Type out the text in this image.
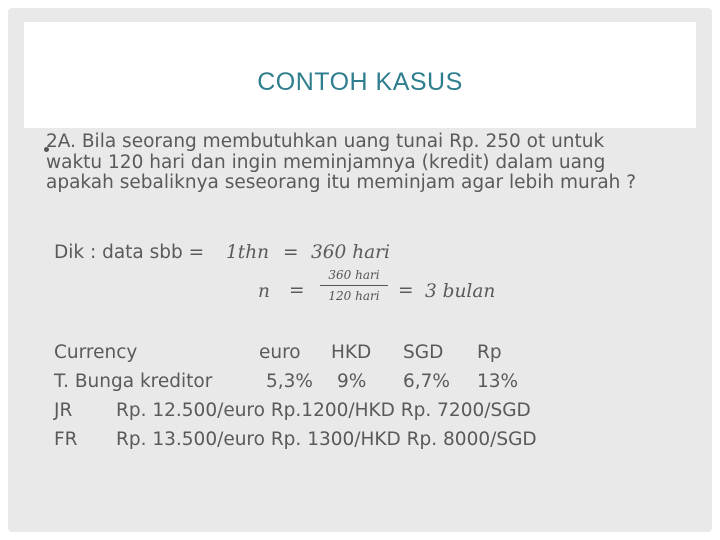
CONTOH KASUS
2A. Bila seorang membutuhkan uang tunai Rp. 250 ot untuk waktu 120 hari dan ingin meminjamnya (kredit) dalam uang apakah sebaliknya seseorang itu meminjam agar lebih murah ?
Dik : data sbb = 1thn = 360 hari
n =
360 hari
120 hari = 3 bulan
Currency	euro HKD SGD Rp
T. Bunga kreditor	5,3% 9% 6,7% 13%
JR Rp. 12.500/euro Rp.1200/HKD Rp. 7200/SGD
FR Rp. 13.500/euro Rp. 1300/HKD Rp. 8000/SGD
